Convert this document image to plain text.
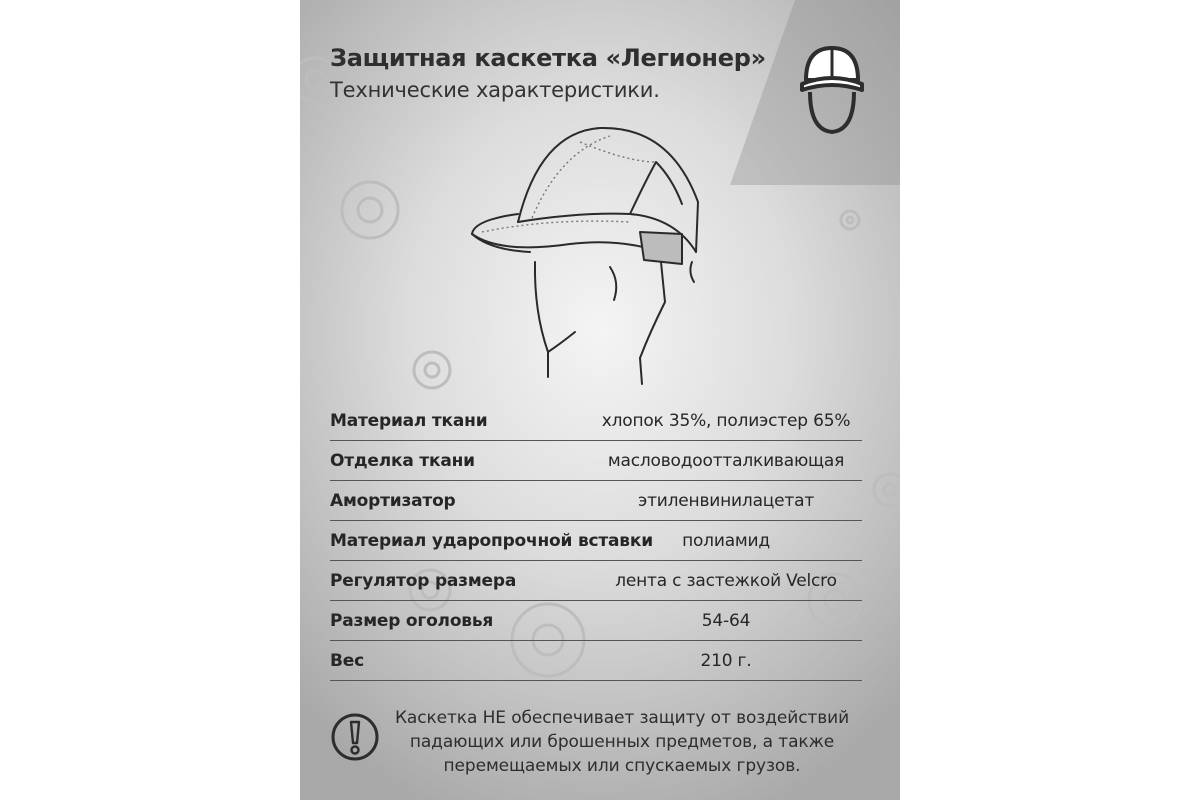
Защитная каскетка «Легионер»
Технические характеристики.
Материал ткани	хлопок 35%, полиэстер 65%
Отделка ткани	масловодоотталкивающая
Амортизатор	этиленвинилацетат
Материал ударопрочной вставки	полиамид
Регулятор размера	лента с застежкой Velcro
Размер оголовья	54-64
Вес	210 г.
Каскетка НЕ обеспечивает защиту от воздействий
падающих или брошенных предметов, а также
перемещаемых или спускаемых грузов.
